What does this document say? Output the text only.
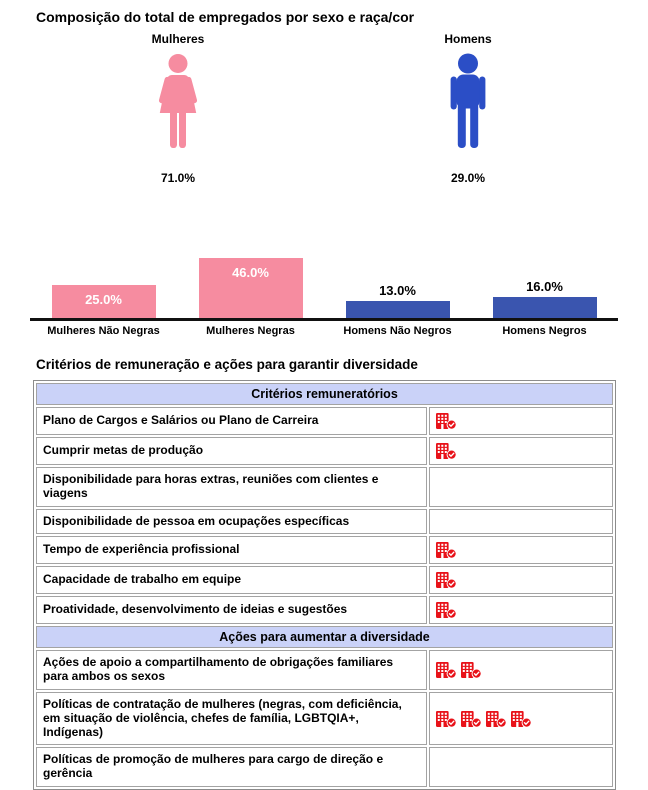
Composição do total de empregados por sexo e raça/cor
Mulheres
71.0%
Homens
29.0%
25.0%
46.0%
13.0%	16.0%
Mulheres Não Negras	Mulheres Negras	Homens Não Negros	Homens Negros
Critérios de remuneração e ações para garantir diversidade
Critérios remuneratórios	
Plano de Cargos e Salários ou Plano de Carreira	
Cumprir metas de produção	
Disponibilidade para horas extras, reuniões com clientes e viagens	
Disponibilidade de pessoa em ocupações específicas	
Tempo de experiência profissional	
Capacidade de trabalho em equipe	
Proatividade, desenvolvimento de ideias e sugestões	
Ações para aumentar a diversidade	
Ações de apoio a compartilhamento de obrigações familiares para ambos os sexos	
Políticas de contratação de mulheres (negras, com deficiência, em situação de violência, chefes de família, LGBTQIA+, Indígenas)	
Políticas de promoção de mulheres para cargo de direção e gerência	
